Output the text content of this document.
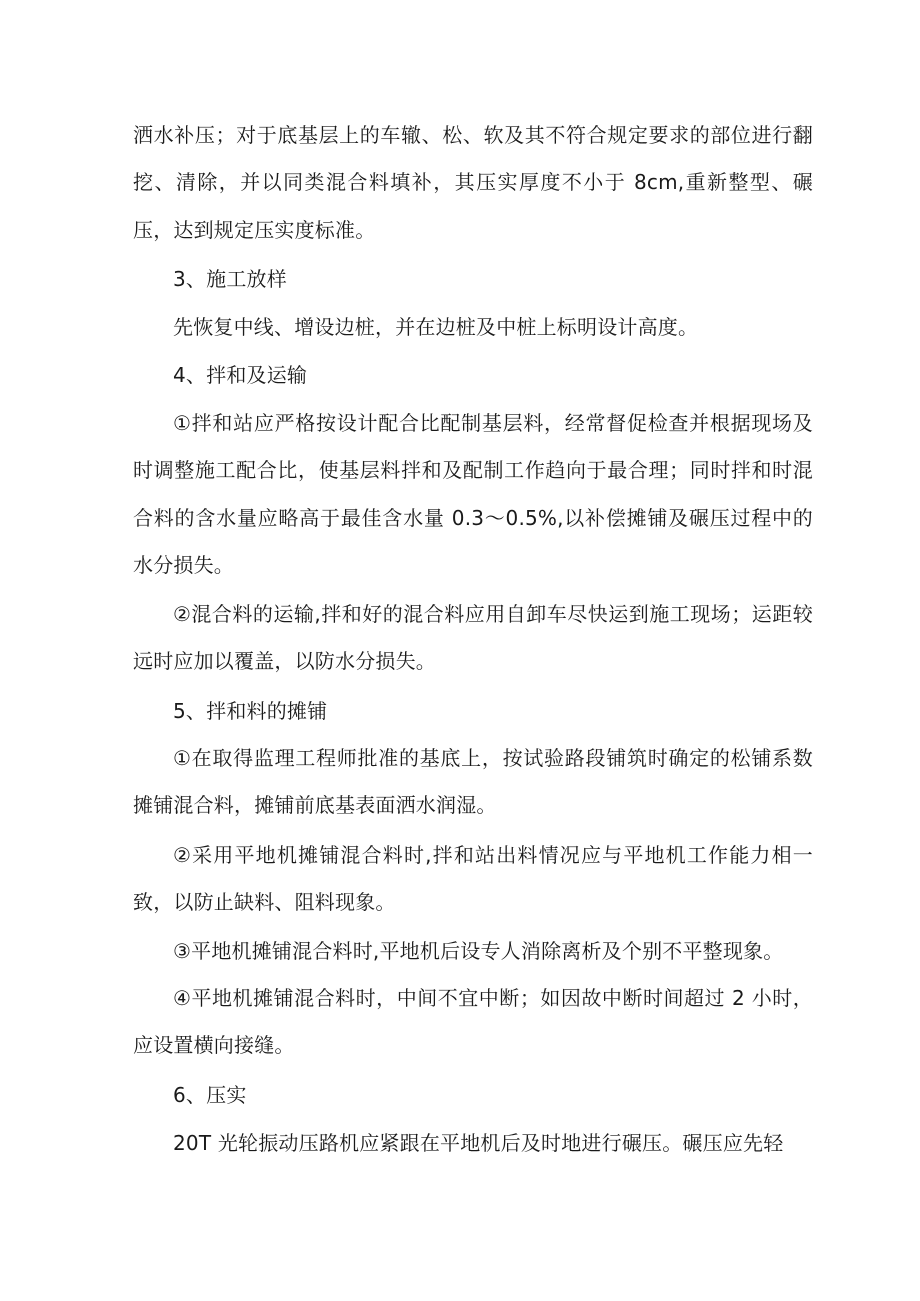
洒水补压；对于底基层上的车辙、松、软及其不符合规定要求的部位进行翻挖、清除，并以同类混合料填补，其压实厚度不小于 8cm,重新整型、碾压，达到规定压实度标准。

3、施工放样

先恢复中线、增设边桩，并在边桩及中桩上标明设计高度。

4、拌和及运输

①拌和站应严格按设计配合比配制基层料，经常督促检查并根据现场及时调整施工配合比，使基层料拌和及配制工作趋向于最合理；同时拌和时混合料的含水量应略高于最佳含水量 0.3～0.5%,以补偿摊铺及碾压过程中的水分损失。

②混合料的运输,拌和好的混合料应用自卸车尽快运到施工现场；运距较远时应加以覆盖，以防水分损失。

5、拌和料的摊铺

①在取得监理工程师批准的基底上，按试验路段铺筑时确定的松铺系数摊铺混合料，摊铺前底基表面洒水润湿。

②采用平地机摊铺混合料时,拌和站出料情况应与平地机工作能力相一致，以防止缺料、阻料现象。

③平地机摊铺混合料时,平地机后设专人消除离析及个别不平整现象。

④平地机摊铺混合料时，中间不宜中断；如因故中断时间超过 2 小时，应设置横向接缝。

6、压实

20T 光轮振动压路机应紧跟在平地机后及时地进行碾压。碾压应先轻
